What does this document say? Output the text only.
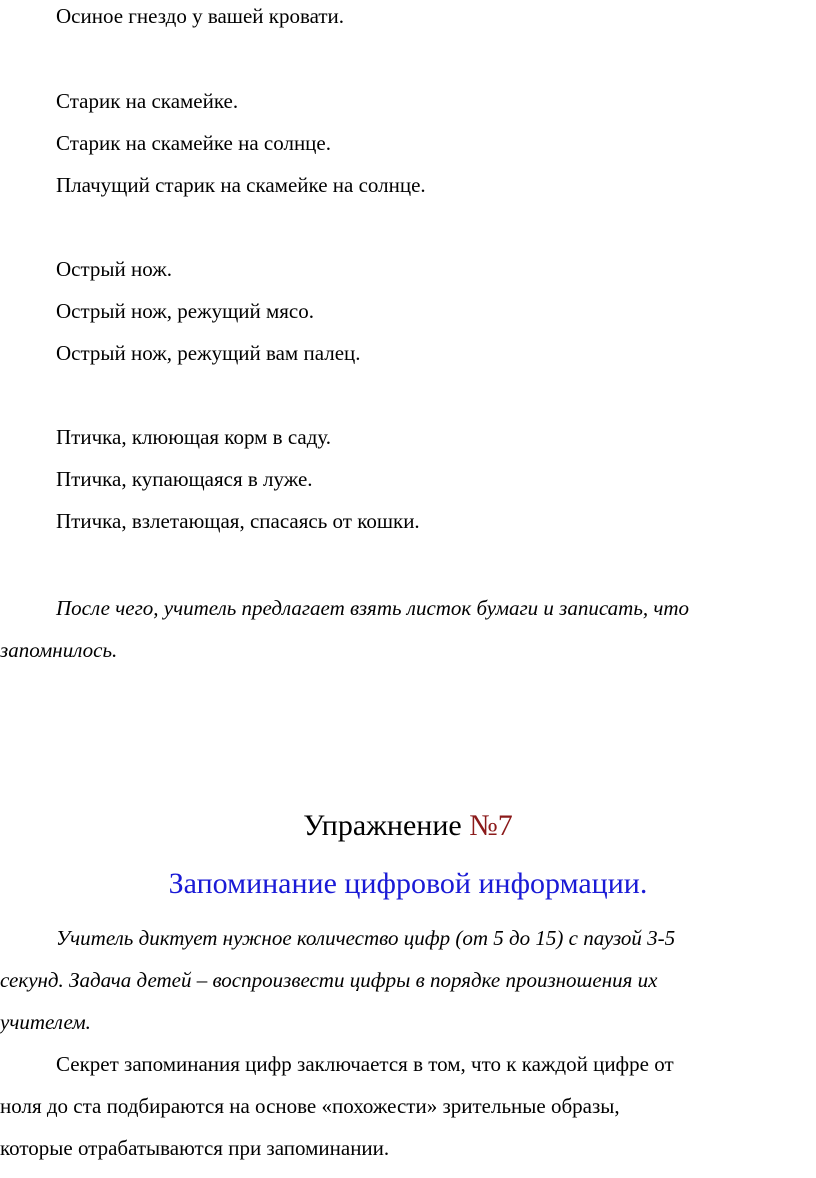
Осиное гнездо у вашей кровати.
Старик на скамейке.
Старик на скамейке на солнце.
Плачущий старик на скамейке на солнце.
Острый нож.
Острый нож, режущий мясо.
Острый нож, режущий вам палец.
Птичка, клюющая корм в саду.
Птичка, купающаяся в луже.
Птичка, взлетающая, спасаясь от кошки.
После чего, учитель предлагает взять листок бумаги и записать, что
запомнилось.
Упражнение №7
Запоминание цифровой информации.
Учитель диктует нужное количество цифр (от 5 до 15) с паузой 3-5
секунд. Задача детей – воспроизвести цифры в порядке произношения их
учителем.
Секрет запоминания цифр заключается в том, что к каждой цифре от
ноля до ста подбираются на основе «похожести» зрительные образы,
которые отрабатываются при запоминании.
